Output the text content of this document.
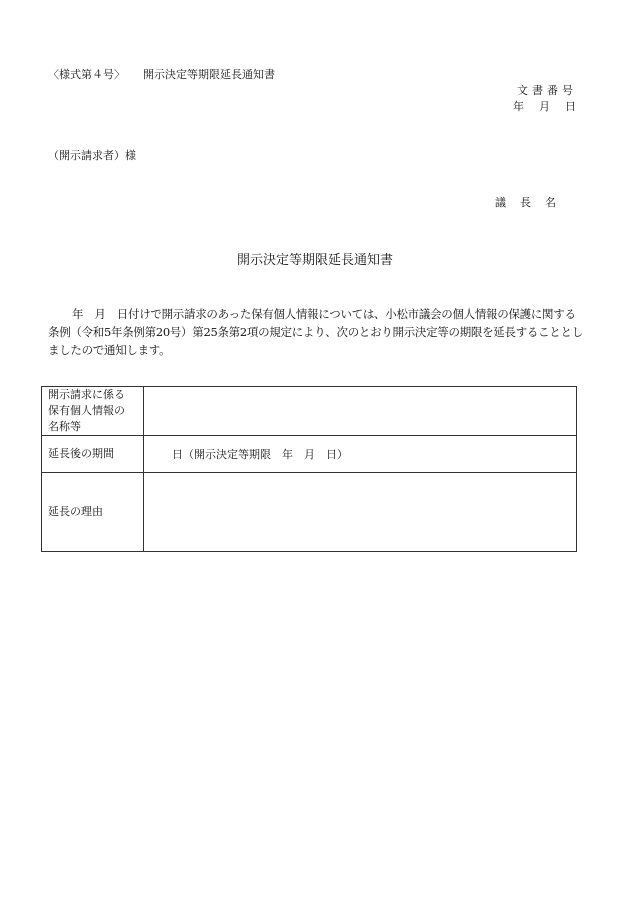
〈様式第４号〉 開示決定等期限延長通知書
文書番号
年 月 日
（開示請求者）様
議長名
開示決定等期限延長通知書
年　月　日付けで開示請求のあった保有個人情報については、小松市議会の個人情報の保護に関する条例（令和5年条例第20号）第25条第2項の規定により、次のとおり開示決定等の期限を延長することとしましたので通知します。
開示請求に係る
保有個人情報の
名称等	

延長後の期間	日（開示決定等期限　年　月　日）

延長の理由	
